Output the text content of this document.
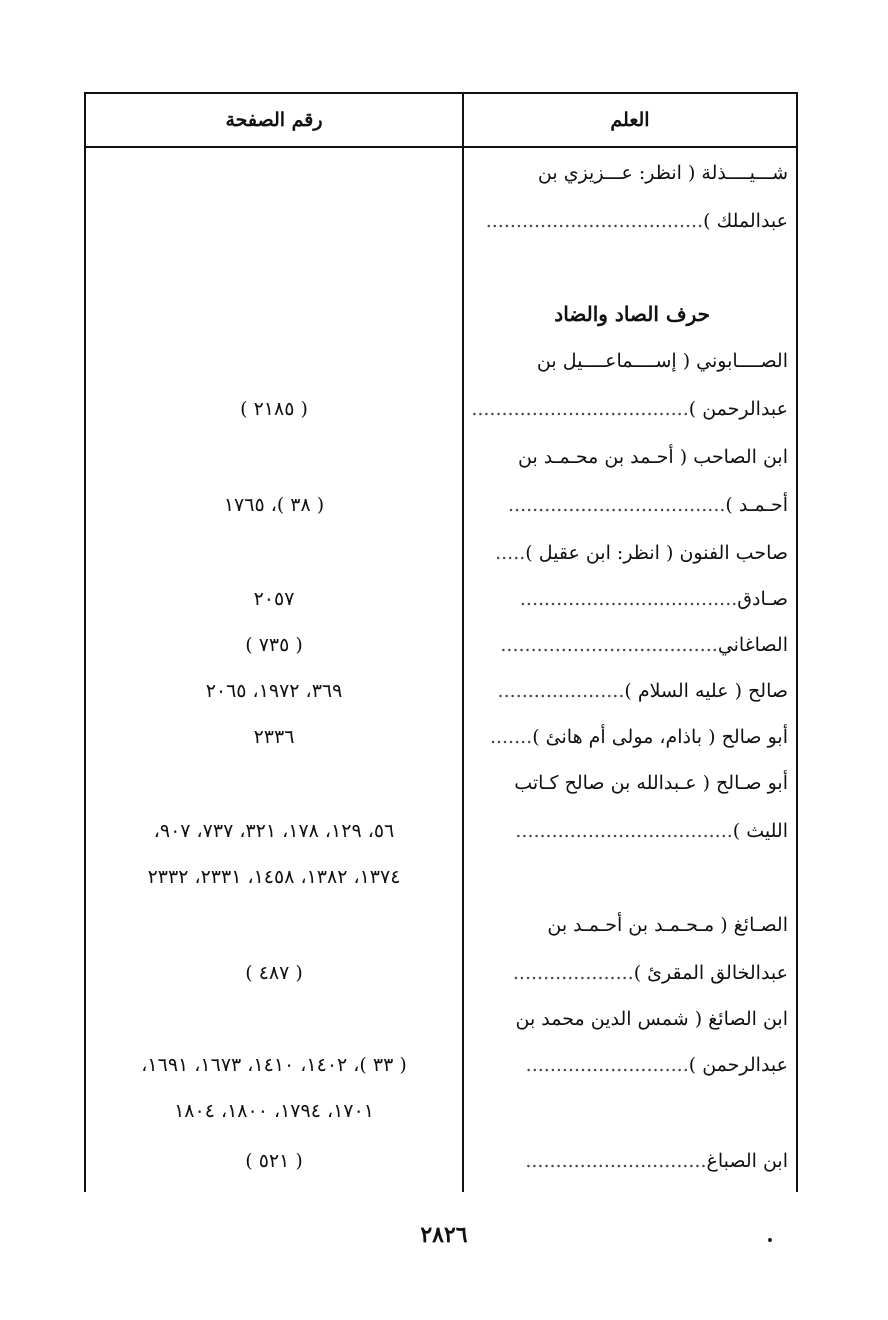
العلم
رقم الصفحة
شـــيــــذلة ( انظر: عـــزيزي بن
عبدالملك )....................................
حرف الصاد والضاد
الصــــابوني ( إســــماعــــيل بن
عبدالرحمن )....................................
( ٢١٨٥ )
ابن الصاحب ( أحـمد بن محـمـد بن
أحـمـد )....................................
( ٣٨ )، ١٧٦٥
صاحب الفنون ( انظر: ابن عقيل ).....
صـادق....................................
٢٠٥٧
الصاغاني....................................
( ٧٣٥ )
صالح ( عليه السلام ).....................
٣٦٩، ١٩٧٢، ٢٠٦٥
أبو صالح ( باذام، مولى أم هانئ ).......
٢٣٣٦
أبو صـالح ( عـبدالله بن صالح كـاتب
الليث )....................................
٥٦، ١٢٩، ١٧٨، ٣٢١، ٧٣٧، ٩٠٧،
١٣٧٤، ١٣٨٢، ١٤٥٨، ٢٣٣١، ٢٣٣٢
الصـائغ ( مـحـمـد بن أحـمـد بن
عبدالخالق المقرئ )....................
( ٤٨٧ )
ابن الصائغ ( شمس الدين محمد بن
عبدالرحمن )...........................
( ٣٣ )، ١٤٠٢، ١٤١٠، ١٦٧٣، ١٦٩١،
١٧٠١، ١٧٩٤، ١٨٠٠، ١٨٠٤
ابن الصباغ..............................
( ٥٢١ )
٢٨٢٦
